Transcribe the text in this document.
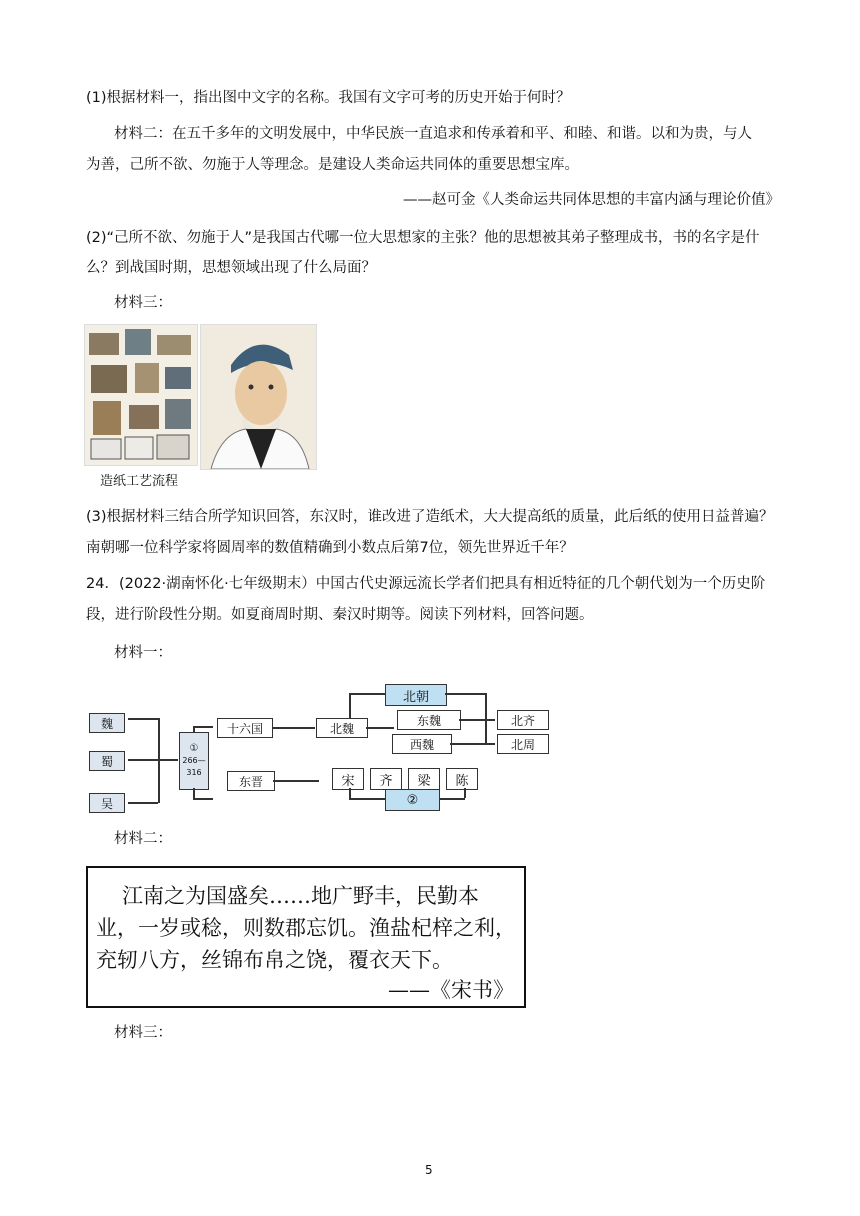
(1)根据材料一，指出图中文字的名称。我国有文字可考的历史开始于何时？
材料二：在五千多年的文明发展中，中华民族一直追求和传承着和平、和睦、和谐。以和为贵，与人
为善，己所不欲、勿施于人等理念。是建设人类命运共同体的重要思想宝库。
——赵可金《人类命运共同体思想的丰富内涵与理论价值》
(2)“己所不欲、勿施于人”是我国古代哪一位大思想家的主张？他的思想被其弟子整理成书，书的名字是什
么？到战国时期，思想领域出现了什么局面？
材料三：
造纸工艺流程
(3)根据材料三结合所学知识回答，东汉时，谁改进了造纸术，大大提高纸的质量，此后纸的使用日益普遍？
南朝哪一位科学家将圆周率的数值精确到小数点后第7位，领先世界近千年？
24．(2022·湖南怀化·七年级期末）中国古代史源远流长学者们把具有相近特征的几个朝代划为一个历史阶
段，进行阶段性分期。如夏商周时期、秦汉时期等。阅读下列材料，回答问题。
材料一：
魏
蜀
吴
①
266—316
十六国
东晋
北魏
北朝
东魏
西魏
北齐
北周
宋	齐	梁	陈
②
材料二：
江南之为国盛矣……地广野丰，民勤本
业，一岁或稔，则数郡忘饥。渔盐杞梓之利，
充轫八方，丝锦布帛之饶，覆衣天下。
——《宋书》
材料三：
5
